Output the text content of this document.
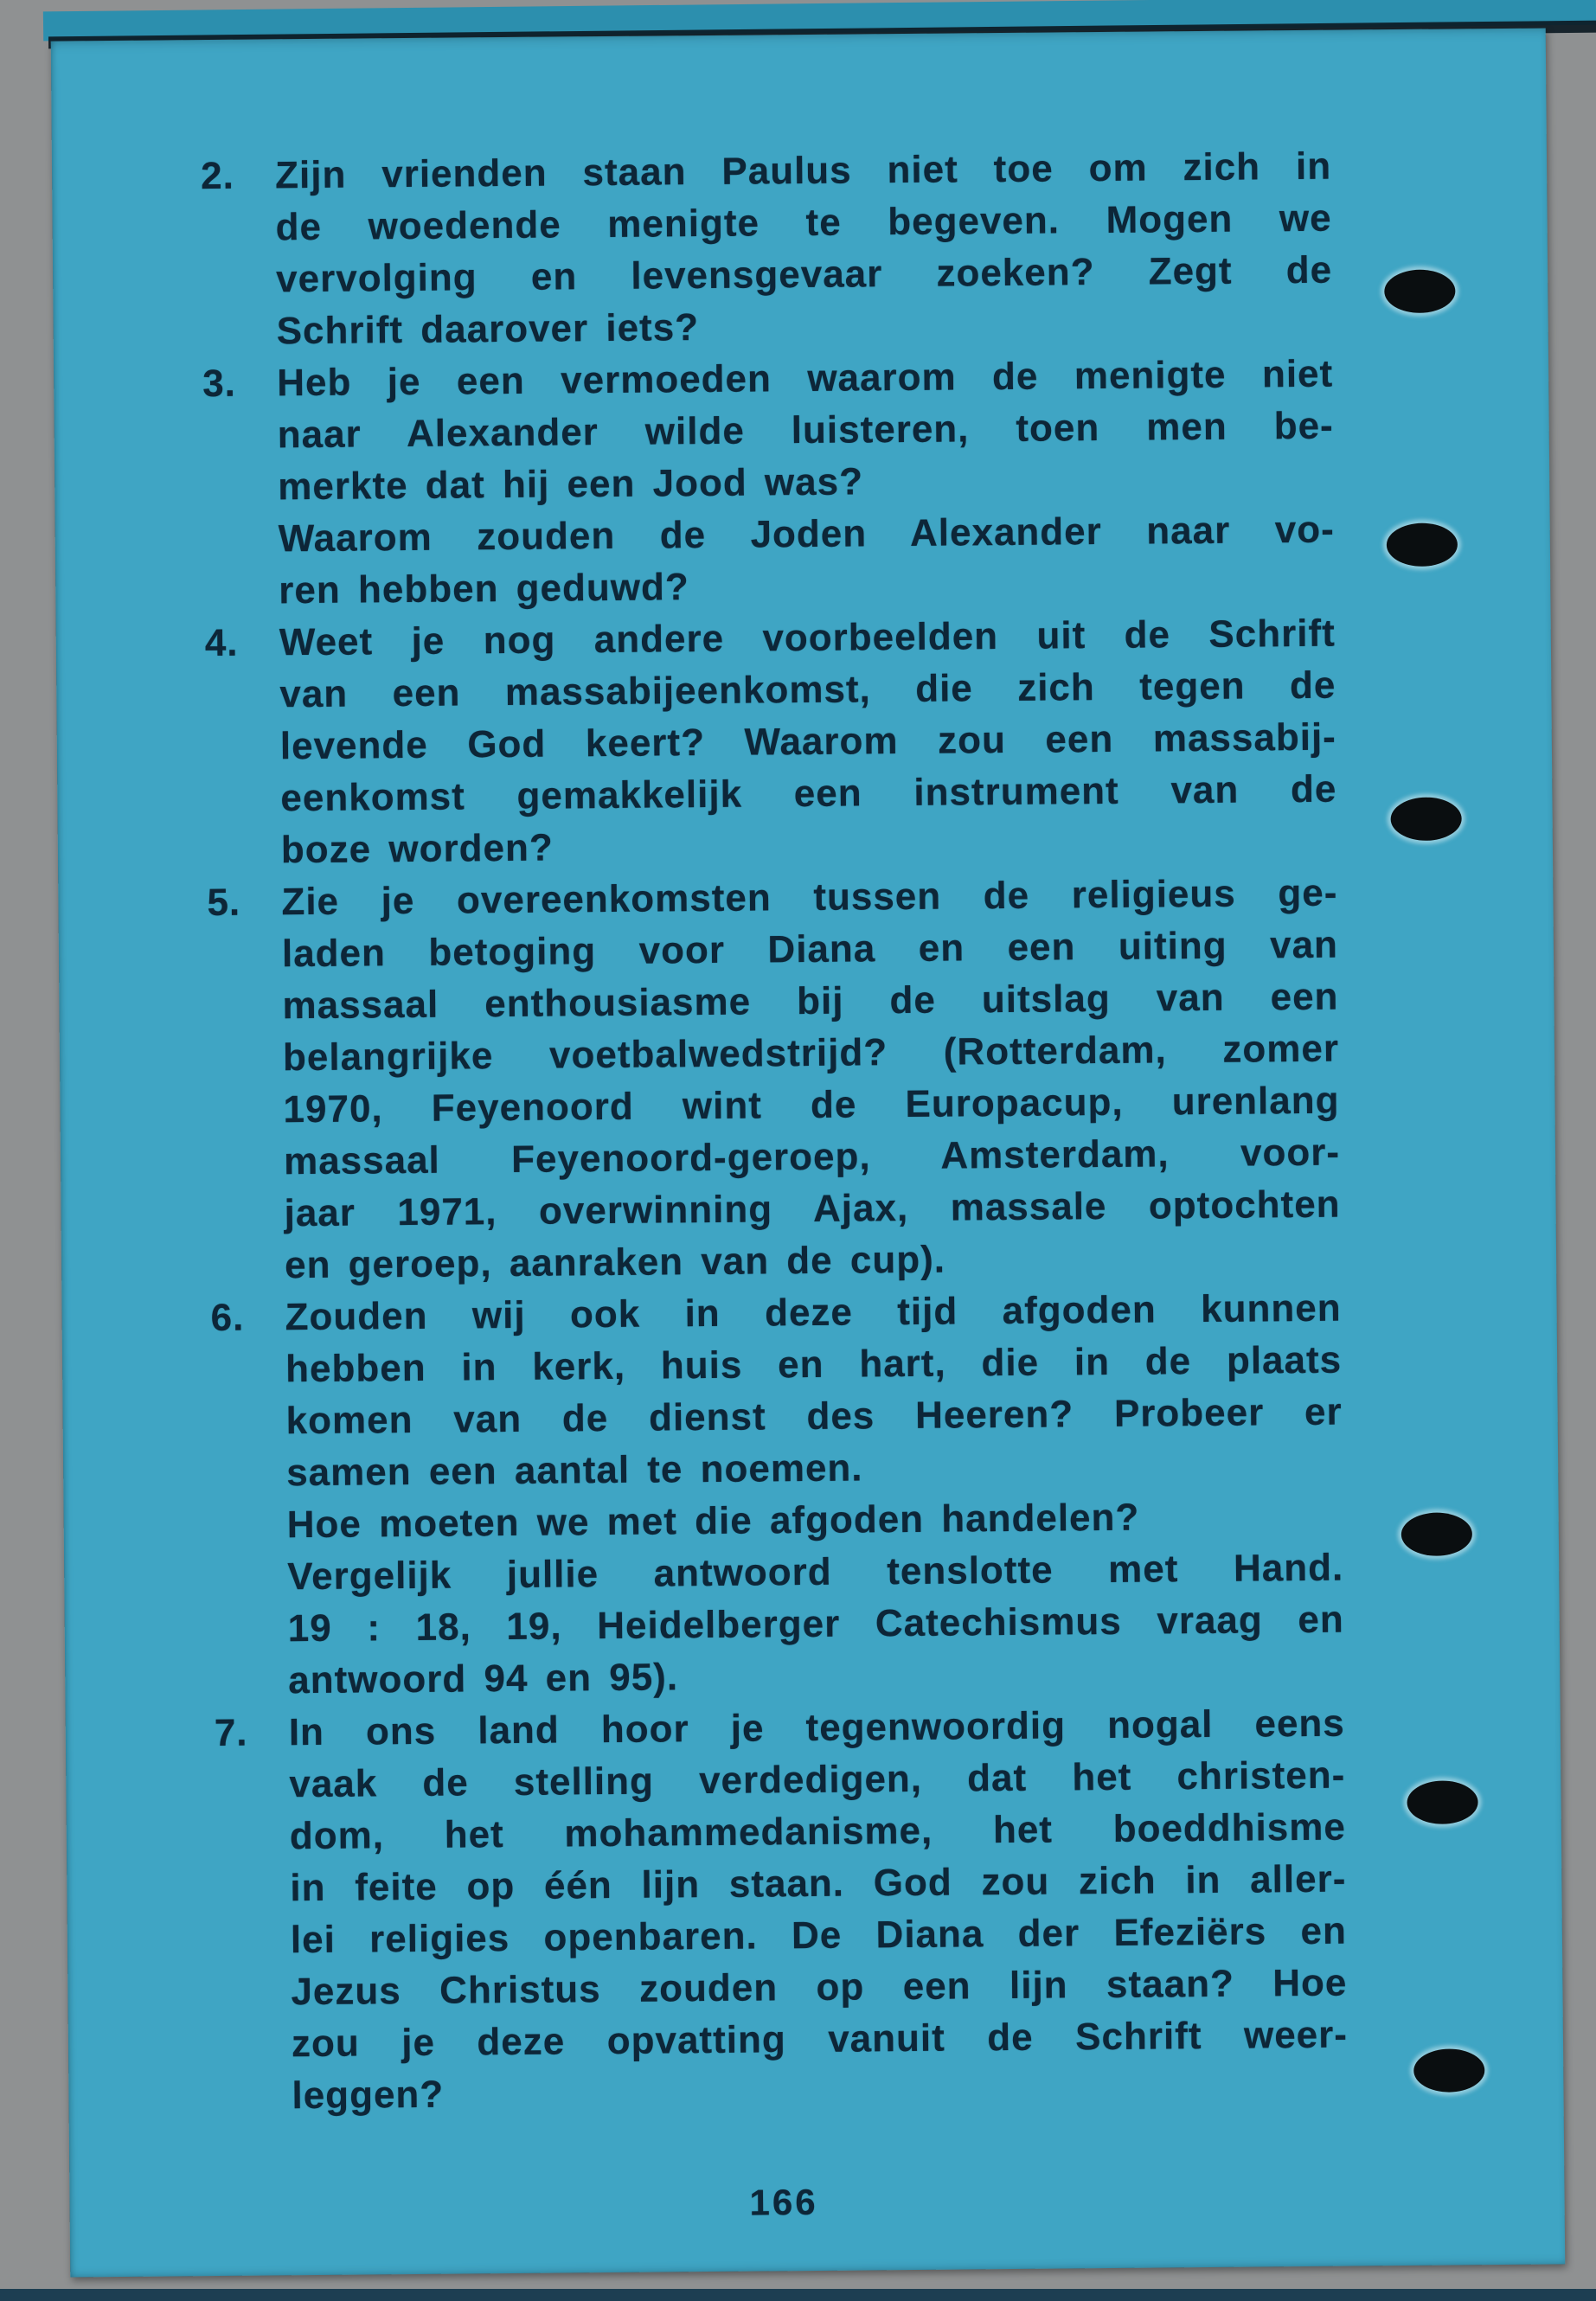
2. Zijn vrienden staan Paulus niet toe om zich in
de woedende menigte te begeven. Mogen we
vervolging en levensgevaar zoeken? Zegt de
Schrift daarover iets?
3. Heb je een vermoeden waarom de menigte niet
naar Alexander wilde luisteren, toen men be-
merkte dat hij een Jood was?
Waarom zouden de Joden Alexander naar vo-
ren hebben geduwd?
4. Weet je nog andere voorbeelden uit de Schrift
van een massabijeenkomst, die zich tegen de
levende God keert? Waarom zou een massabij-
eenkomst gemakkelijk een instrument van de
boze worden?
5. Zie je overeenkomsten tussen de religieus ge-
laden betoging voor Diana en een uiting van
massaal enthousiasme bij de uitslag van een
belangrijke voetbalwedstrijd? (Rotterdam, zomer
1970, Feyenoord wint de Europacup, urenlang
massaal Feyenoord-geroep, Amsterdam, voor-
jaar 1971, overwinning Ajax, massale optochten
en geroep, aanraken van de cup).
6. Zouden wij ook in deze tijd afgoden kunnen
hebben in kerk, huis en hart, die in de plaats
komen van de dienst des Heeren? Probeer er
samen een aantal te noemen.
Hoe moeten we met die afgoden handelen?
Vergelijk jullie antwoord tenslotte met Hand.
19 : 18, 19, Heidelberger Catechismus vraag en
antwoord 94 en 95).
7. In ons land hoor je tegenwoordig nogal eens
vaak de stelling verdedigen, dat het christen-
dom, het mohammedanisme, het boeddhisme
in feite op één lijn staan. God zou zich in aller-
lei religies openbaren. De Diana der Efeziërs en
Jezus Christus zouden op een lijn staan? Hoe
zou je deze opvatting vanuit de Schrift weer-
leggen?
166
